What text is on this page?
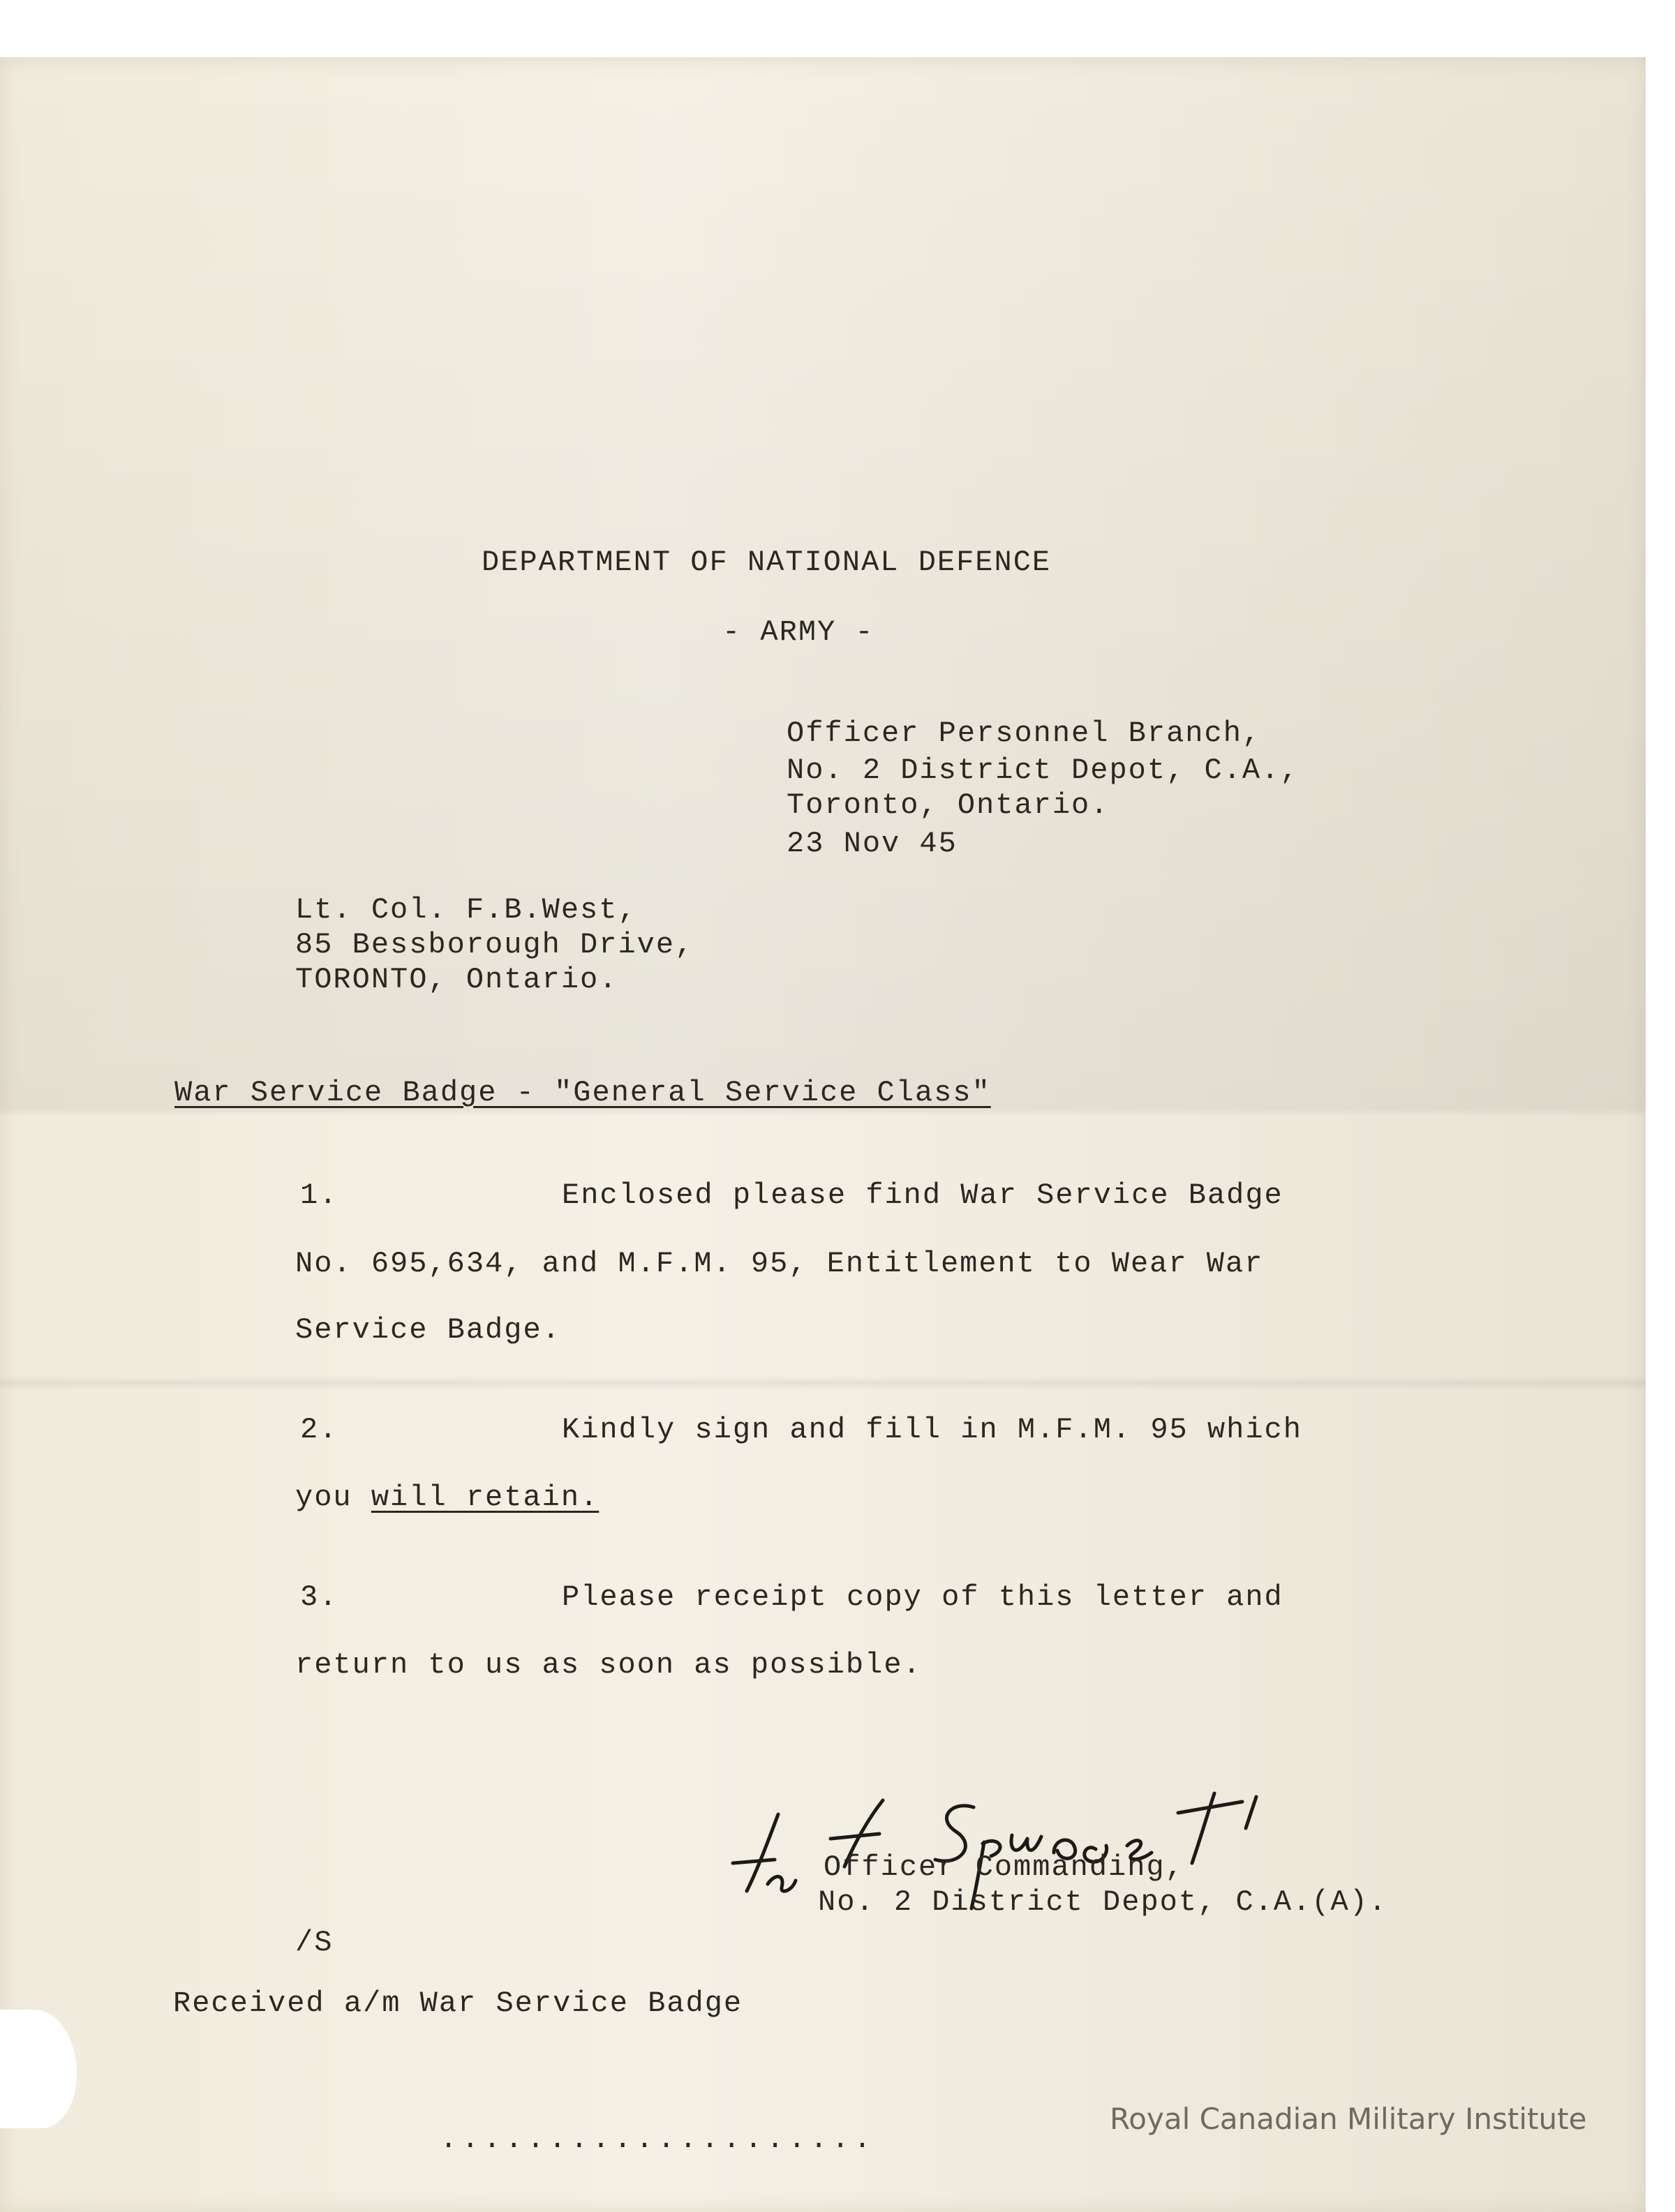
DEPARTMENT OF NATIONAL DEFENCE
- ARMY -
Officer Personnel Branch,
No. 2 District Depot, C.A.,
Toronto, Ontario.
23 Nov 45
Lt. Col. F.B.West,
85 Bessborough Drive,
TORONTO, Ontario.
War Service Badge - "General Service Class"
1.	Enclosed please find War Service Badge
No. 695,634, and M.F.M. 95, Entitlement to Wear War
Service Badge.
2.	Kindly sign and fill in M.F.M. 95 which
you will retain.
3.	Please receipt copy of this letter and
return to us as soon as possible.
Officer Commanding,
No. 2 District Depot, C.A.(A).
/S
Received a/m War Service Badge
....................
Royal Canadian Military Institute
